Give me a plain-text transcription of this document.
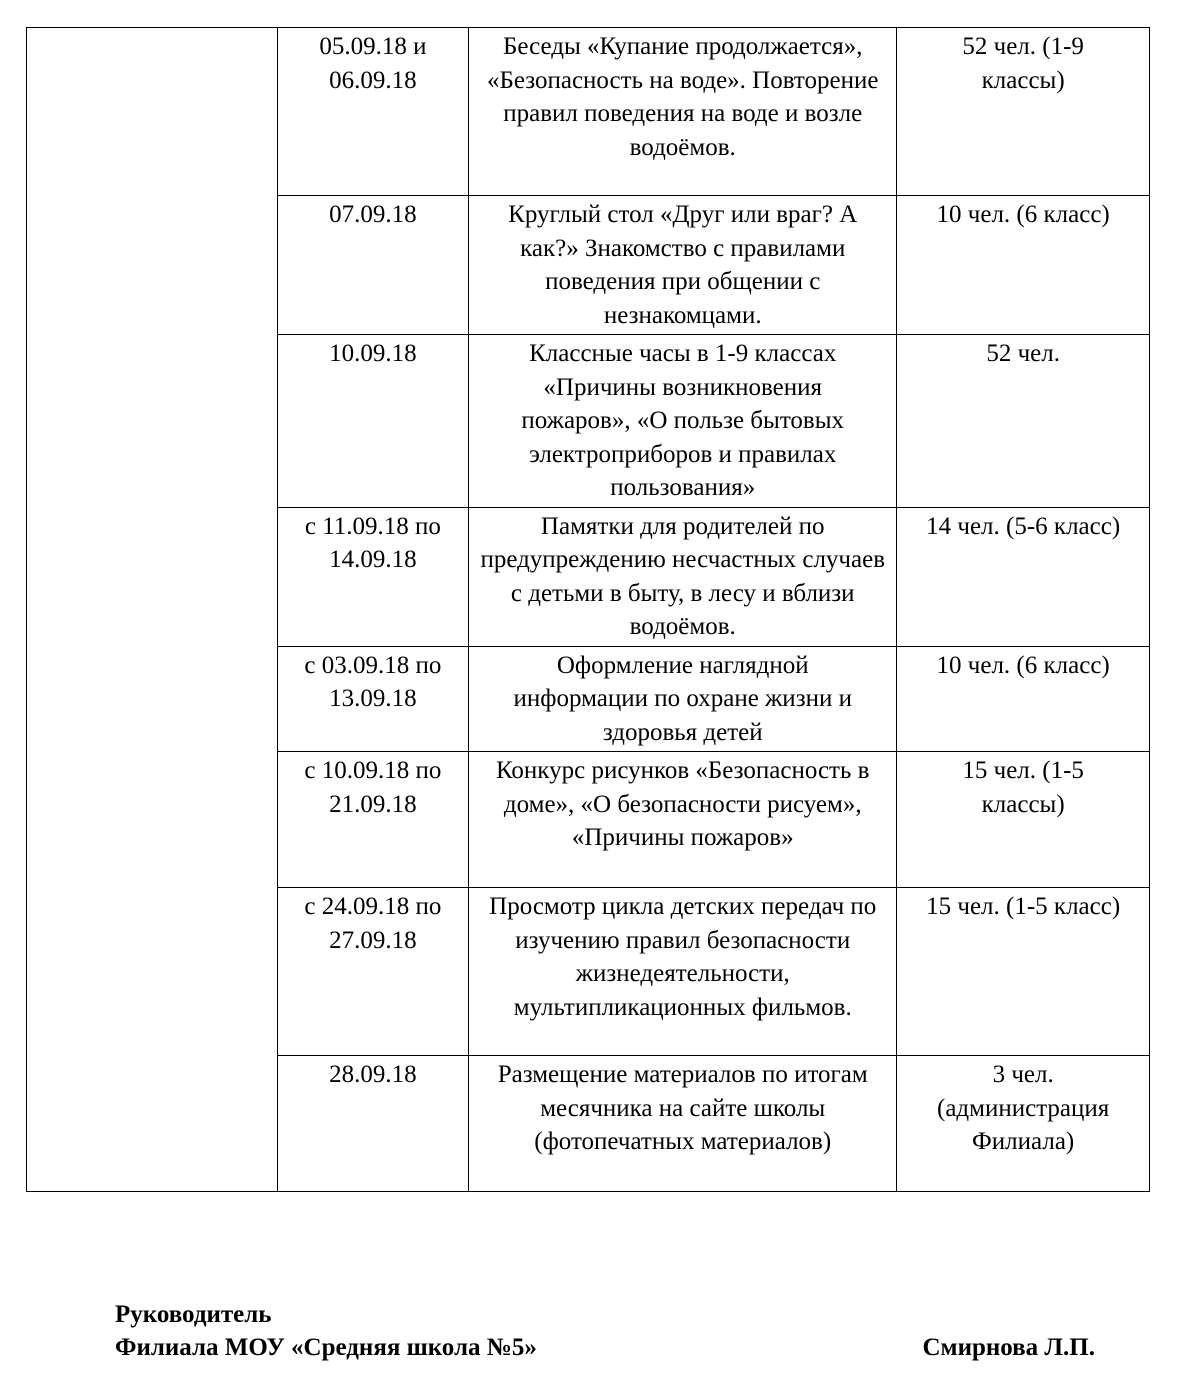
	05.09.18 и 06.09.18	Беседы «Купание продолжается», «Безопасность на воде». Повторение правил поведения на воде и возле водоёмов.	52 чел. (1-9 классы)

	07.09.18	Круглый стол «Друг или враг? А как?» Знакомство с правилами поведения при общении с незнакомцами.	10 чел. (6 класс)

	10.09.18	Классные часы в 1-9 классах «Причины возникновения пожаров», «О пользе бытовых электроприборов и правилах пользования»	52 чел.

	с 11.09.18 по 14.09.18	Памятки для родителей по предупреждению несчастных случаев с детьми в быту, в лесу и вблизи водоёмов.	14 чел. (5-6 класс)

	с 03.09.18 по 13.09.18	Оформление наглядной информации по охране жизни и здоровья детей	10 чел. (6 класс)

	с 10.09.18 по 21.09.18	Конкурс рисунков «Безопасность в доме», «О безопасности рисуем», «Причины пожаров»	15 чел. (1-5 классы)

	с 24.09.18 по 27.09.18	Просмотр цикла детских передач по изучению правил безопасности жизнедеятельности, мультипликационных фильмов.	15 чел. (1-5 класс)

	28.09.18	Размещение материалов по итогам месячника на сайте школы (фотопечатных материалов)	3 чел. (администрация Филиала)
Руководитель
Филиала МОУ «Средняя школа №5»	Смирнова Л.П.
